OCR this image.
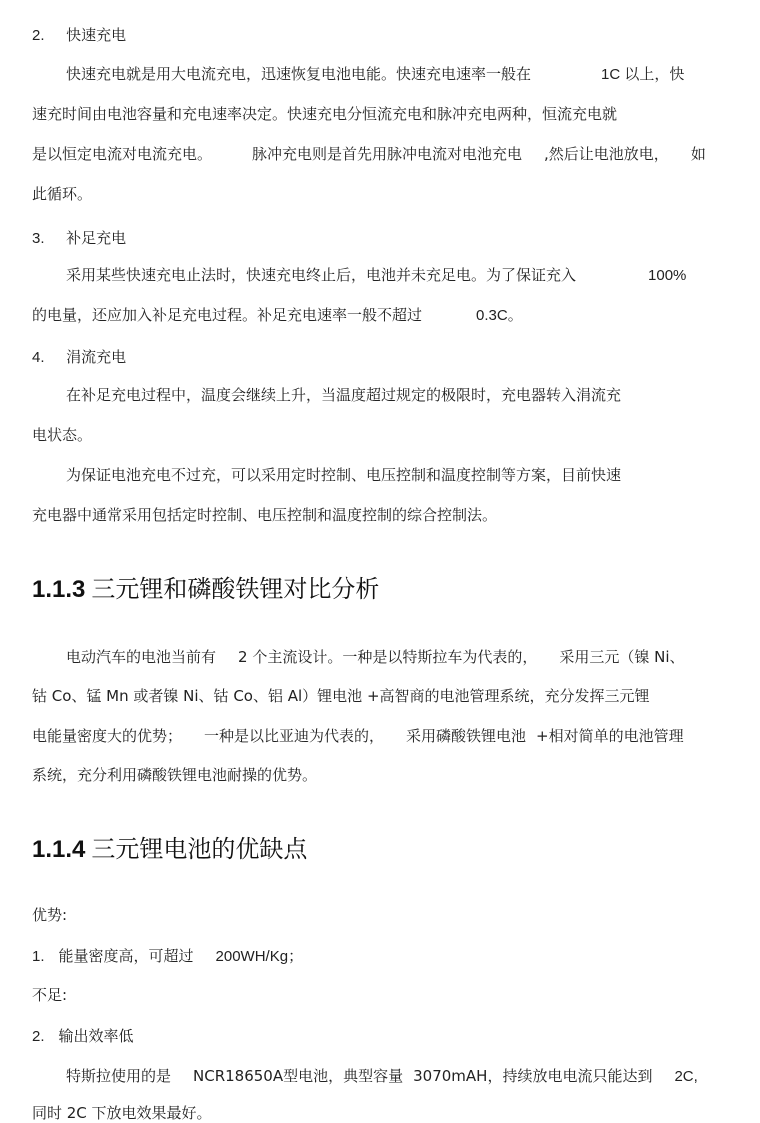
2. 快速充电
快速充电就是用大电流充电，迅速恢复电池电能。快速充电速率一般在	1C 以上，快
速充时间由电池容量和充电速率决定。快速充电分恒流充电和脉冲充电两种，恒流充电就
是以恒定电流对电流充电。	脉冲充电则是首先用脉冲电流对电池充电 ,然后让电池放电， 如
此循环。
3. 补足充电
采用某些快速充电止法时，快速充电终止后，电池并未充足电。为了保证充入	100%
的电量，还应加入补足充电过程。补足充电速率一般不超过	0.3C。
4. 涓流充电
在补足充电过程中，温度会继续上升，当温度超过规定的极限时，充电器转入涓流充
电状态。
为保证电池充电不过充，可以采用定时控制、电压控制和温度控制等方案，目前快速
充电器中通常采用包括定时控制、电压控制和温度控制的综合控制法。
1.1.3 三元锂和磷酸铁锂对比分析
电动汽车的电池当前有 2 个主流设计。一种是以特斯拉车为代表的， 采用三元（镍 Ni、
钴 Co、锰 Mn 或者镍 Ni、钴 Co、铝 Al）锂电池 +高智商的电池管理系统，充分发挥三元锂
电能量密度大的优势； 一种是以比亚迪为代表的， 采用磷酸铁锂电池 +相对简单的电池管理
系统，充分利用磷酸铁锂电池耐操的优势。
1.1.4 三元锂电池的优缺点
优势:
1. 能量密度高，可超过 200WH/Kg；
不足:
2. 输出效率低
特斯拉使用的是 NCR18650A型电池，典型容量 3070mAH，持续放电电流只能达到 2C,
同时 2C 下放电效果最好。
